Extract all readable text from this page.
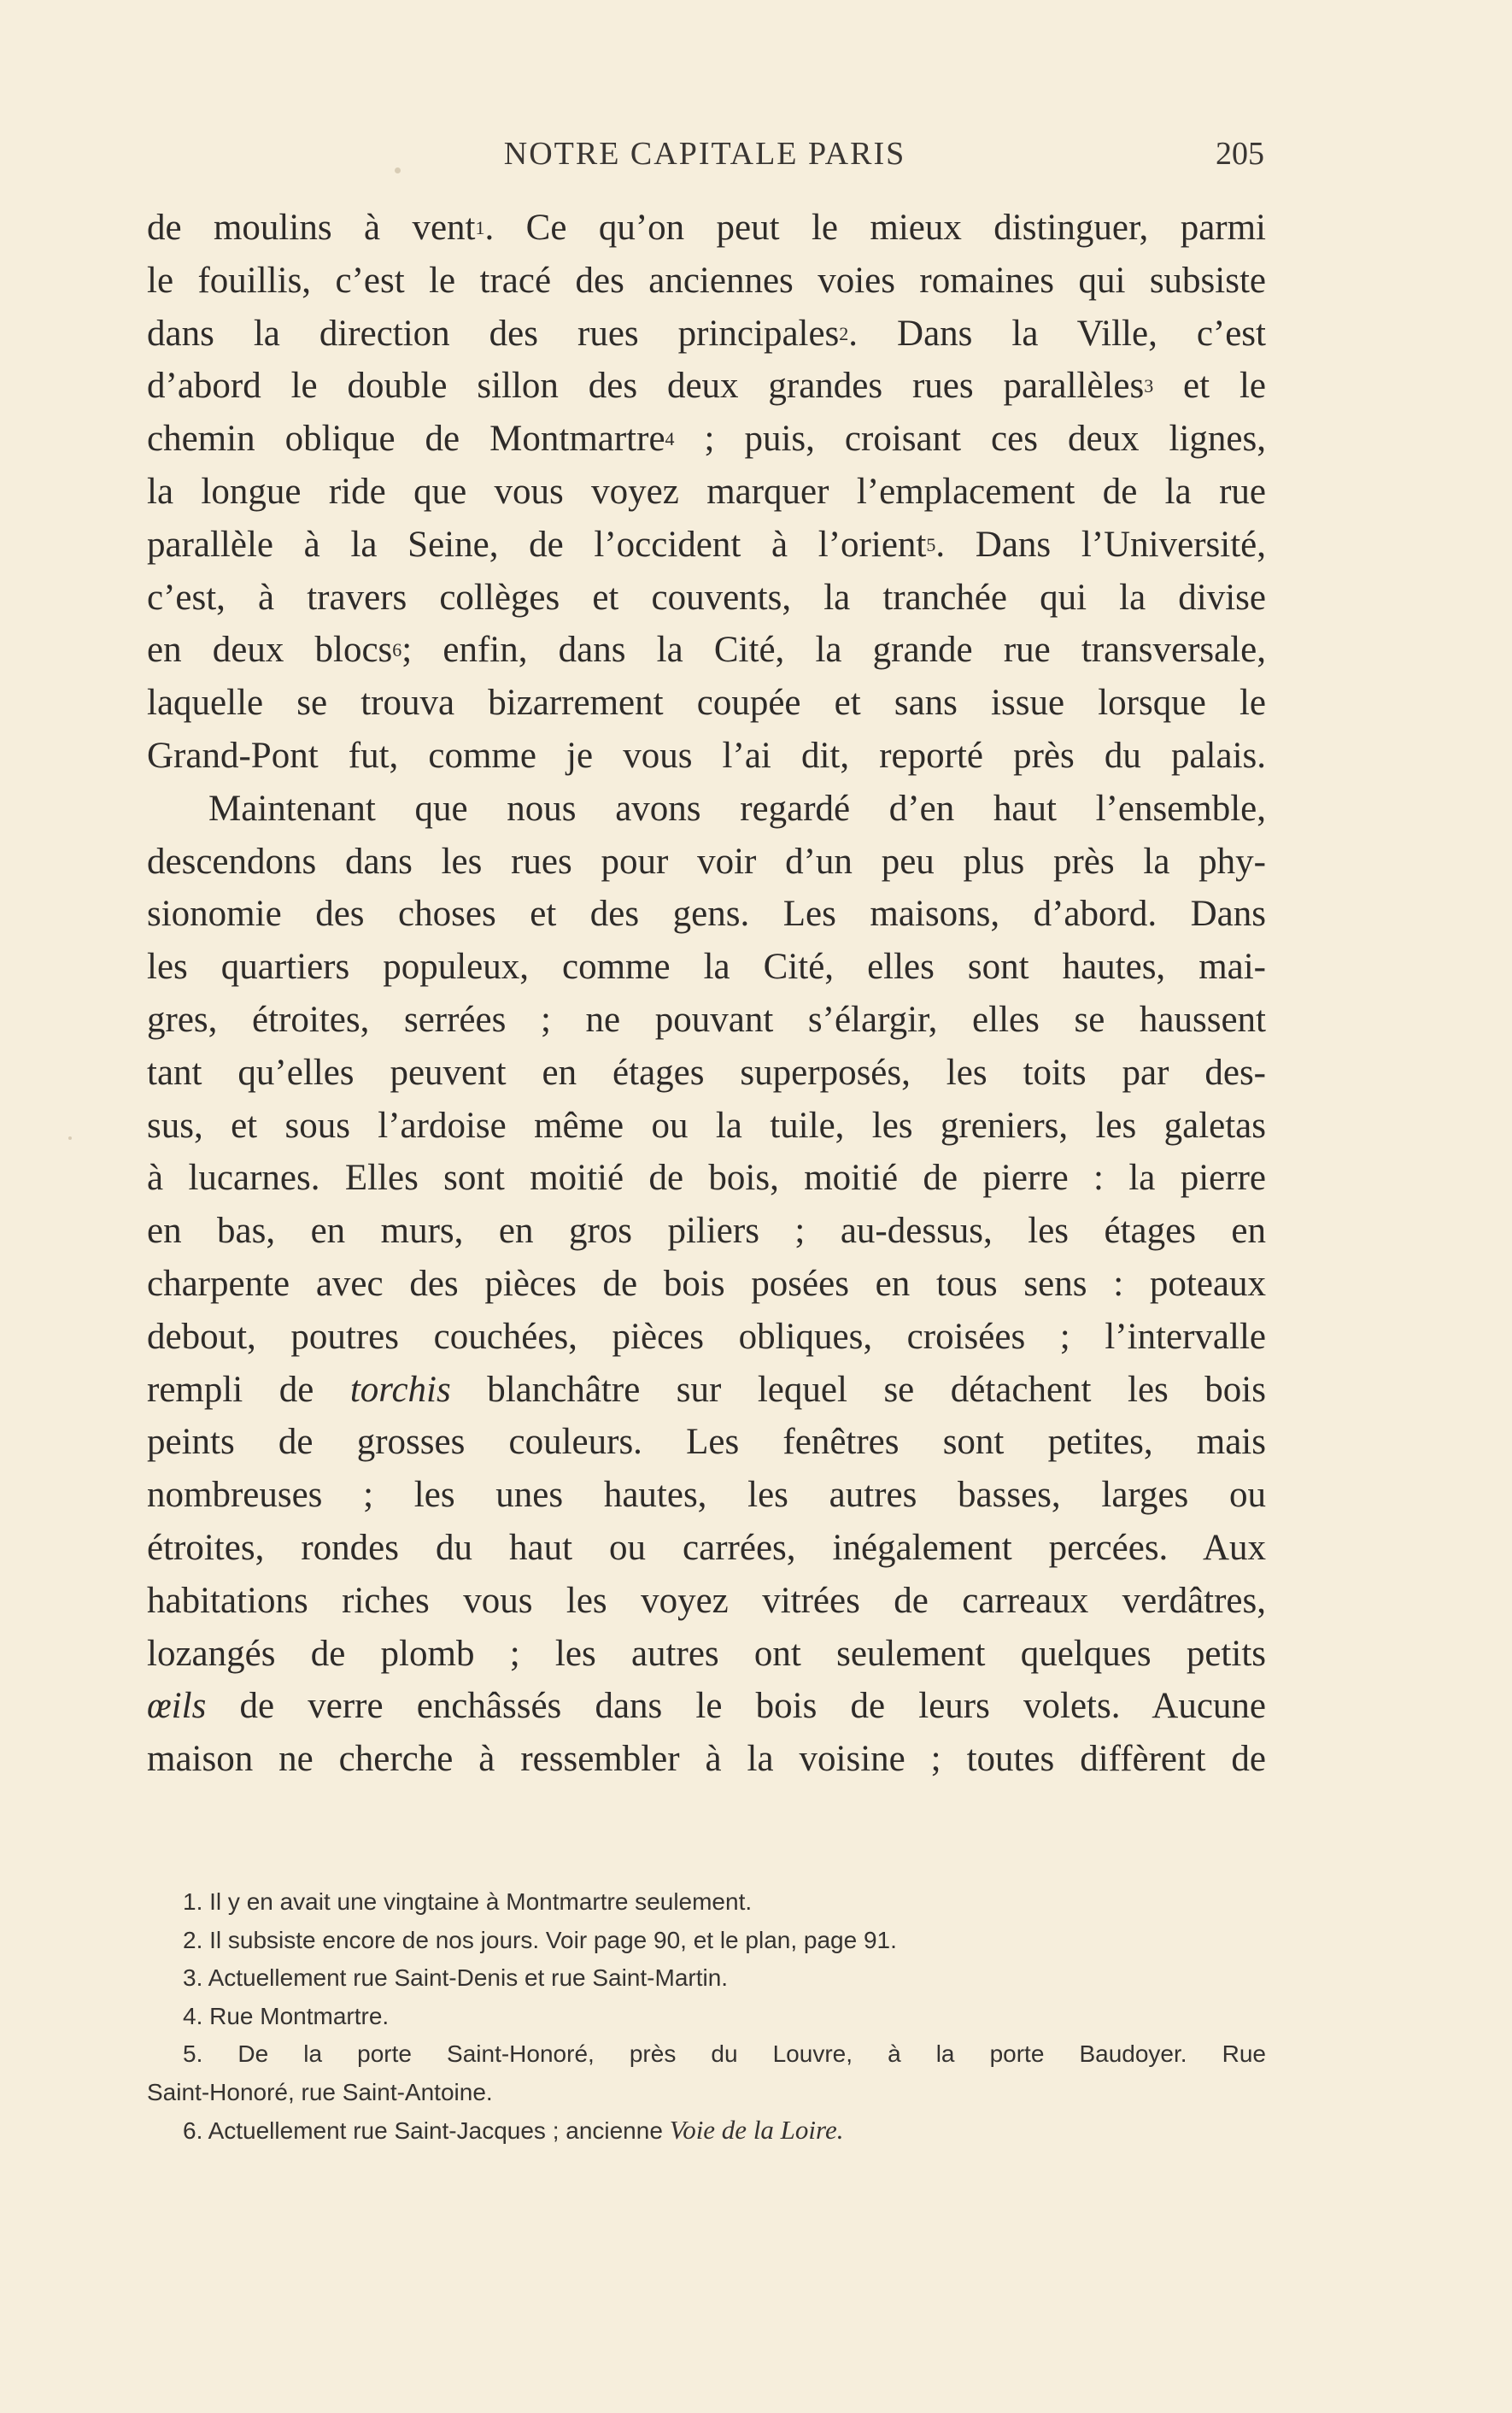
NOTRE CAPITALE PARIS	205

de moulins à vent$^1$. Ce qu’on peut le mieux distinguer, parmi

le fouillis, c’est le tracé des anciennes voies romaines qui subsiste

dans la direction des rues principales$^2$. Dans la Ville, c’est

d’abord le double sillon des deux grandes rues parallèles$^3$ et le

chemin oblique de Montmartre$^4$ ; puis, croisant ces deux lignes,

la longue ride que vous voyez marquer l’emplacement de la rue

parallèle à la Seine, de l’occident à l’orient$^5$. Dans l’Université,

c’est, à travers collèges et couvents, la tranchée qui la divise

en deux blocs$^6$; enfin, dans la Cité, la grande rue transversale,

laquelle se trouva bizarrement coupée et sans issue lorsque le

Grand-Pont fut, comme je vous l’ai dit, reporté près du palais.

Maintenant que nous avons regardé d’en haut l’ensemble,

descendons dans les rues pour voir d’un peu plus près la phy-

sionomie des choses et des gens. Les maisons, d’abord. Dans

les quartiers populeux, comme la Cité, elles sont hautes, mai-

gres, étroites, serrées ; ne pouvant s’élargir, elles se haussent

tant qu’elles peuvent en étages superposés, les toits par des-

sus, et sous l’ardoise même ou la tuile, les greniers, les galetas

à lucarnes. Elles sont moitié de bois, moitié de pierre : la pierre

en bas, en murs, en gros piliers ; au-dessus, les étages en

charpente avec des pièces de bois posées en tous sens : poteaux

debout, poutres couchées, pièces obliques, croisées ; l’intervalle

rempli de torchis blanchâtre sur lequel se détachent les bois

peints de grosses couleurs. Les fenêtres sont petites, mais

nombreuses ; les unes hautes, les autres basses, larges ou

étroites, rondes du haut ou carrées, inégalement percées. Aux

habitations riches vous les voyez vitrées de carreaux verdâtres,

lozangés de plomb ; les autres ont seulement quelques petits

œils de verre enchâssés dans le bois de leurs volets. Aucune

maison ne cherche à ressembler à la voisine ; toutes diffèrent de

1. Il y en avait une vingtaine à Montmartre seulement.

2. Il subsiste encore de nos jours. Voir page 90, et le plan, page 91.

3. Actuellement rue Saint-Denis et rue Saint-Martin.

4. Rue Montmartre.

5. De la porte Saint-Honoré, près du Louvre, à la porte Baudoyer. Rue

Saint-Honoré, rue Saint-Antoine.

6. Actuellement rue Saint-Jacques ; ancienne Voie de la Loire.
